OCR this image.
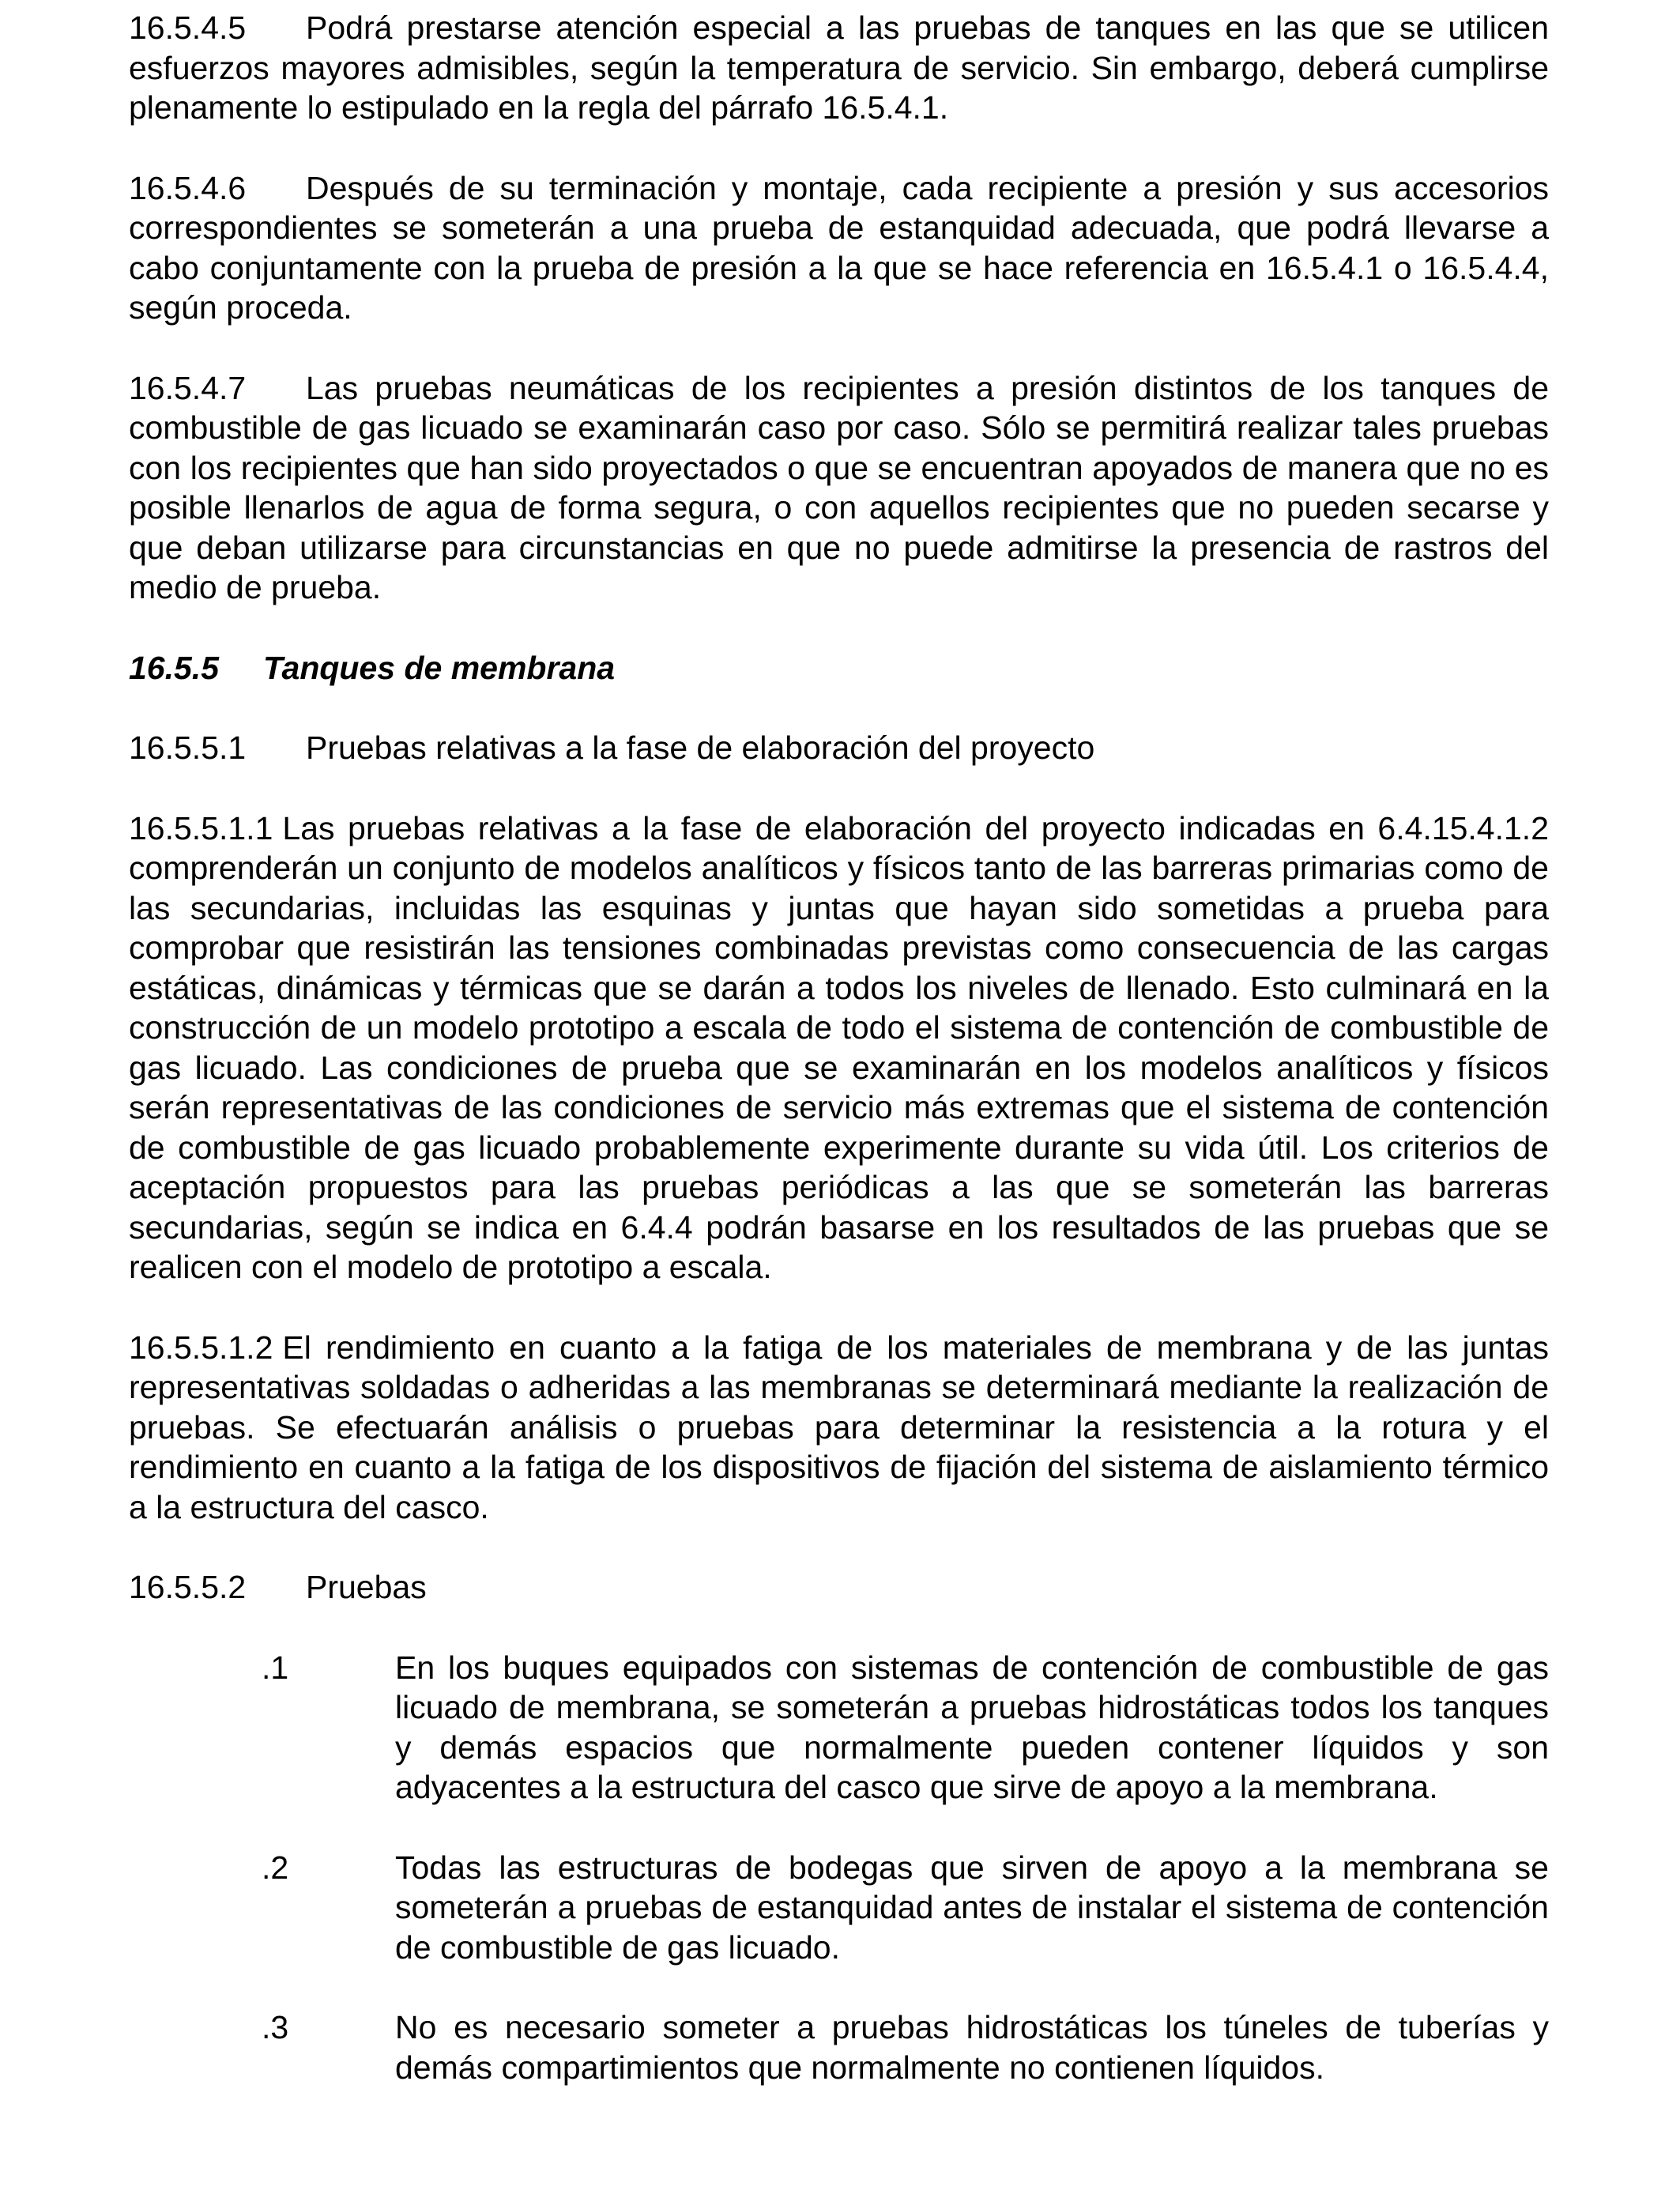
16.5.4.5 Podrá prestarse atención especial a las pruebas de tanques en las que se utilicen esfuerzos mayores admisibles, según la temperatura de servicio. Sin embargo, deberá cumplirse plenamente lo estipulado en la regla del párrafo 16.5.4.1.

16.5.4.6 Después de su terminación y montaje, cada recipiente a presión y sus accesorios correspondientes se someterán a una prueba de estanquidad adecuada, que podrá llevarse a cabo conjuntamente con la prueba de presión a la que se hace referencia en 16.5.4.1 o 16.5.4.4, según proceda.

16.5.4.7 Las pruebas neumáticas de los recipientes a presión distintos de los tanques de combustible de gas licuado se examinarán caso por caso. Sólo se permitirá realizar tales pruebas con los recipientes que han sido proyectados o que se encuentran apoyados de manera que no es posible llenarlos de agua de forma segura, o con aquellos recipientes que no pueden secarse y que deban utilizarse para circunstancias en que no puede admitirse la presencia de rastros del medio de prueba.

16.5.5 Tanques de membrana

16.5.5.1 Pruebas relativas a la fase de elaboración del proyecto

16.5.5.1.1 Las pruebas relativas a la fase de elaboración del proyecto indicadas en 6.4.15.4.1.2 comprenderán un conjunto de modelos analíticos y físicos tanto de las barreras primarias como de las secundarias, incluidas las esquinas y juntas que hayan sido sometidas a prueba para comprobar que resistirán las tensiones combinadas previstas como consecuencia de las cargas estáticas, dinámicas y térmicas que se darán a todos los niveles de llenado. Esto culminará en la construcción de un modelo prototipo a escala de todo el sistema de contención de combustible de gas licuado. Las condiciones de prueba que se examinarán en los modelos analíticos y físicos serán representativas de las condiciones de servicio más extremas que el sistema de contención de combustible de gas licuado probablemente experimente durante su vida útil. Los criterios de aceptación propuestos para las pruebas periódicas a las que se someterán las barreras secundarias, según se indica en 6.4.4 podrán basarse en los resultados de las pruebas que se realicen con el modelo de prototipo a escala.

16.5.5.1.2 El rendimiento en cuanto a la fatiga de los materiales de membrana y de las juntas representativas soldadas o adheridas a las membranas se determinará mediante la realización de pruebas. Se efectuarán análisis o pruebas para determinar la resistencia a la rotura y el rendimiento en cuanto a la fatiga de los dispositivos de fijación del sistema de aislamiento térmico a la estructura del casco.

16.5.5.2 Pruebas

.1	En los buques equipados con sistemas de contención de combustible de gas licuado de membrana, se someterán a pruebas hidrostáticas todos los tanques y demás espacios que normalmente pueden contener líquidos y son adyacentes a la estructura del casco que sirve de apoyo a la membrana.

.2	Todas las estructuras de bodegas que sirven de apoyo a la membrana se someterán a pruebas de estanquidad antes de instalar el sistema de contención de combustible de gas licuado.

.3	No es necesario someter a pruebas hidrostáticas los túneles de tuberías y demás compartimientos que normalmente no contienen líquidos.
